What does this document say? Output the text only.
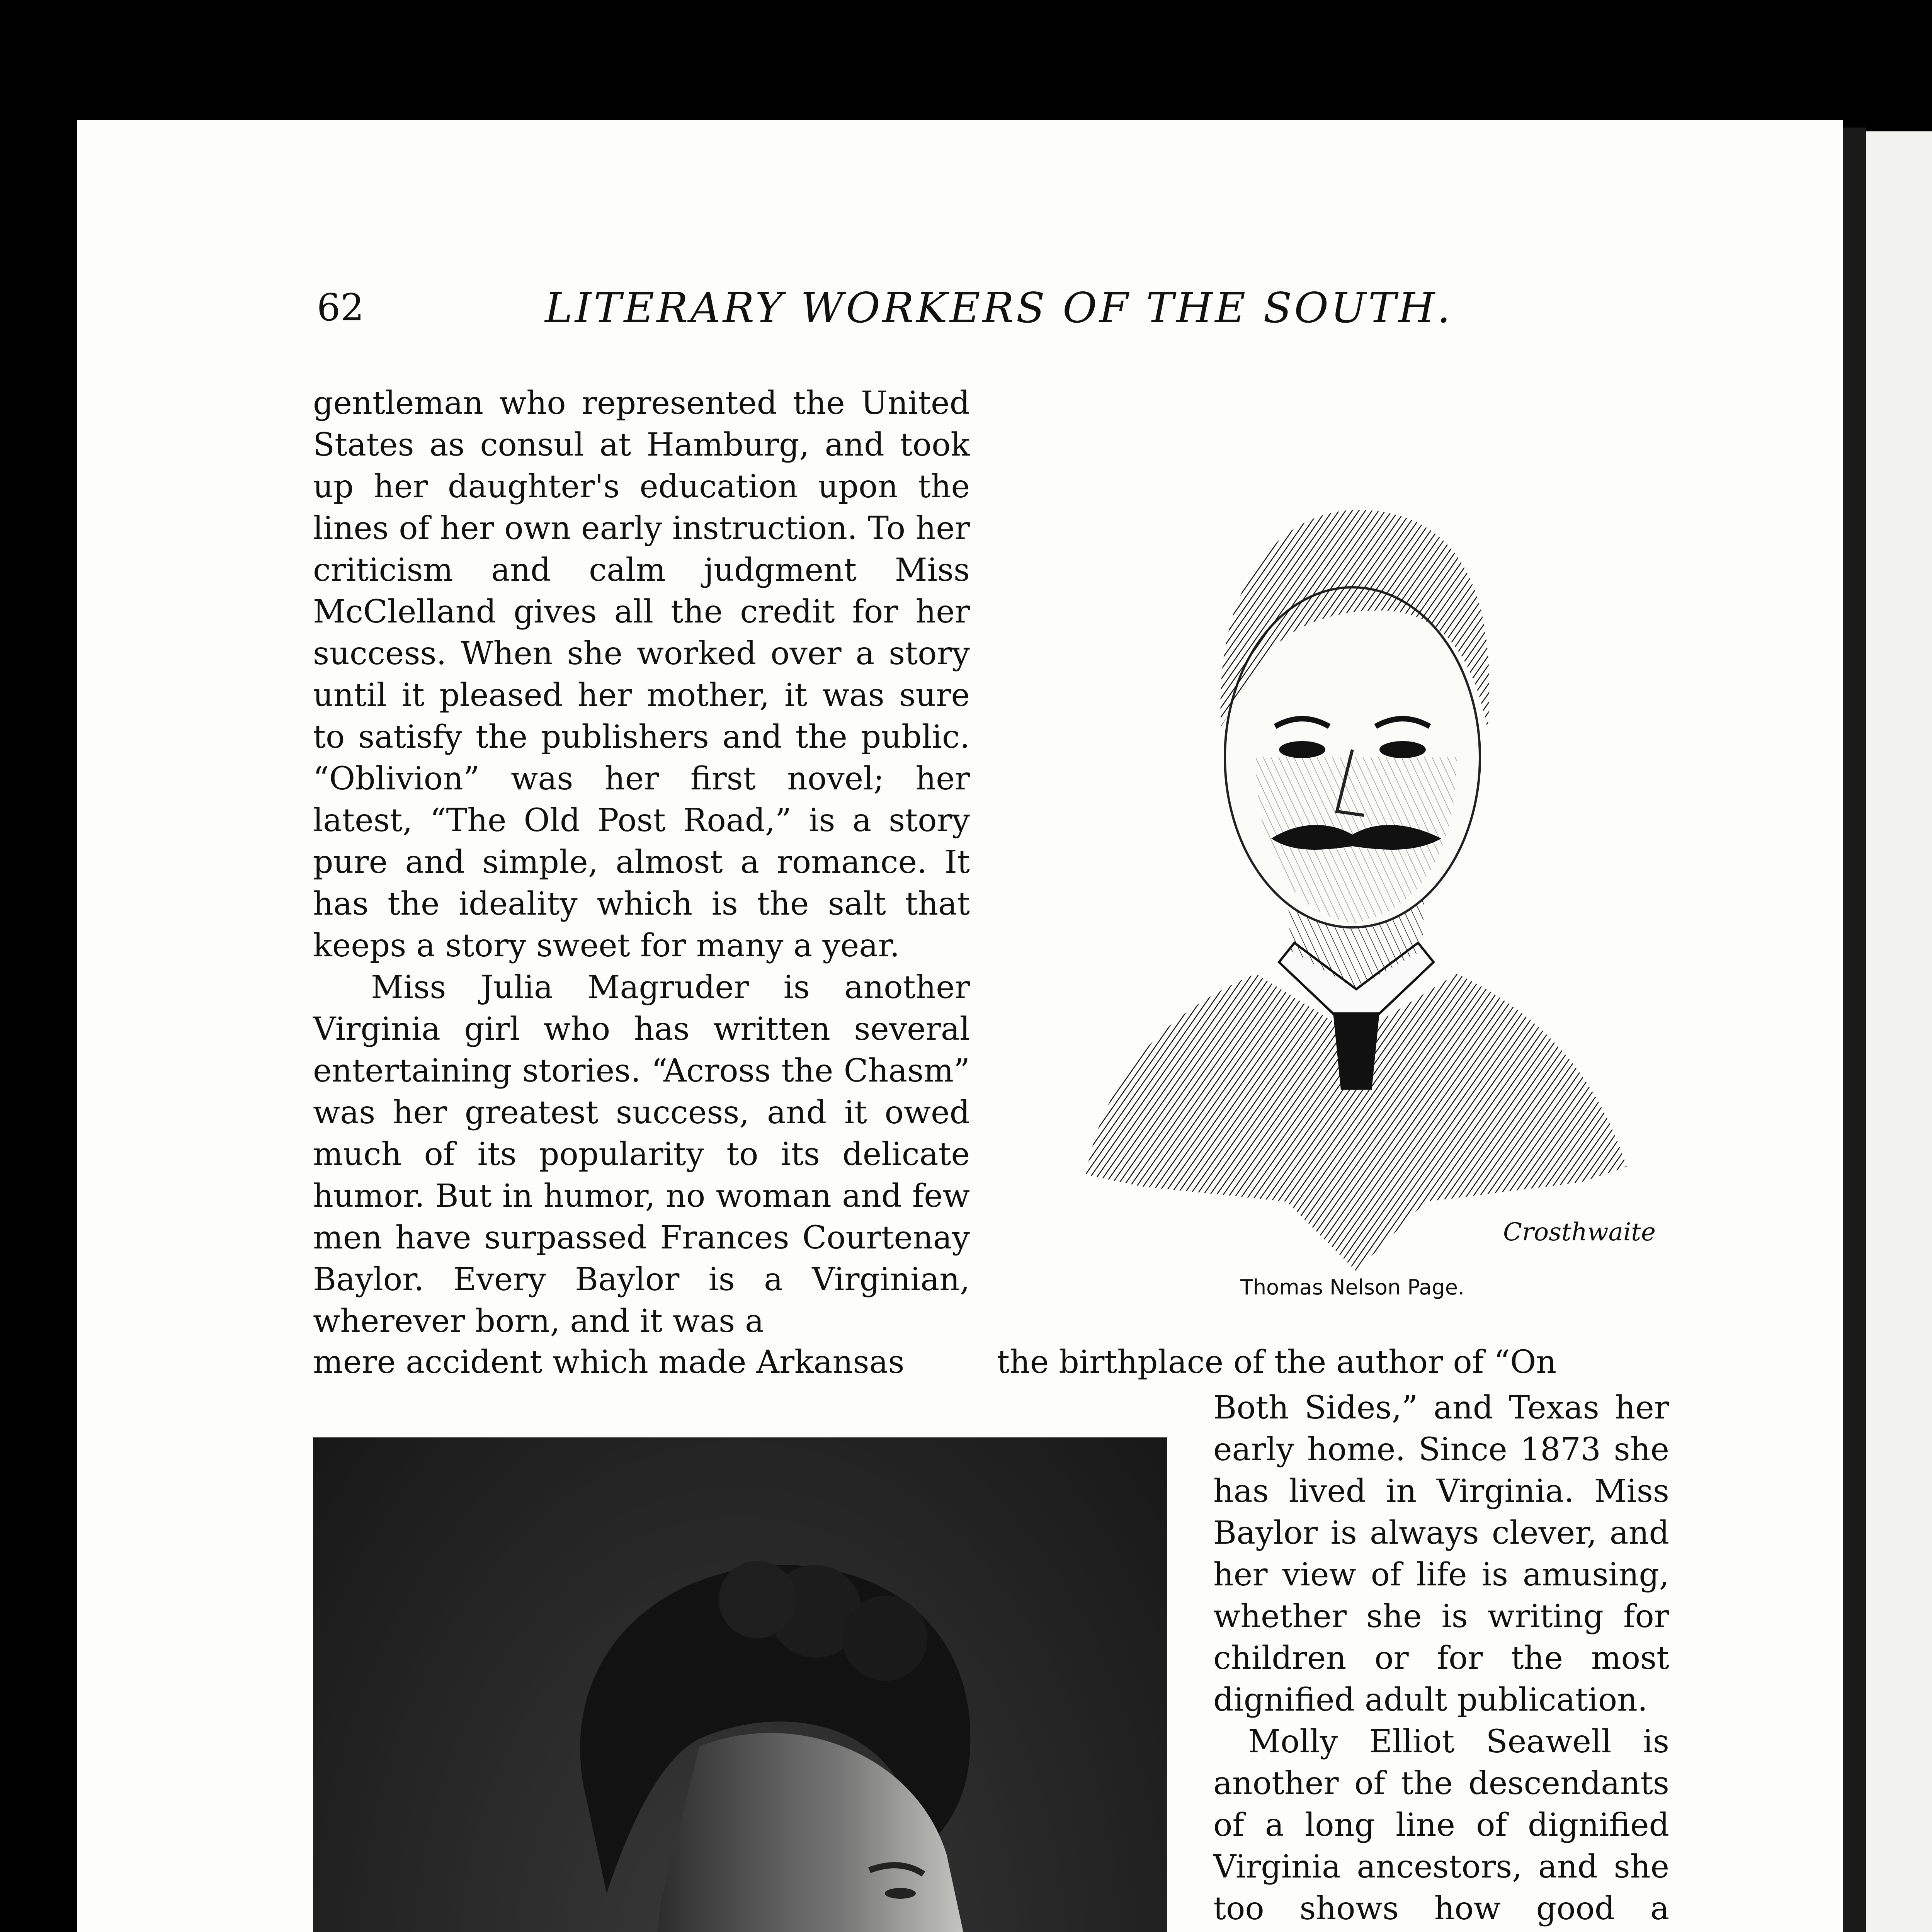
62	LITERARY WORKERS OF THE SOUTH.

gentleman who represented the United States as consul at Hamburg, and took up her daughter's education upon the lines of her own early instruction. To her criticism and calm judgment Miss McClelland gives all the credit for her success. When she worked over a story until it pleased her mother, it was sure to satisfy the publishers and the public. “Oblivion” was her first novel; her latest, “The Old Post Road,” is a story pure and simple, almost a romance. It has the ideality which is the salt that keeps a story sweet for many a year.

Miss Julia Magruder is another Virginia girl who has written several entertaining stories. “Across the Chasm” was her greatest success, and it owed much of its popularity to its delicate humor. But in humor, no woman and few men have surpassed Frances Courtenay Baylor. Every Baylor is a Virginian, wherever born, and it was a

mere accident which made Arkansas	the birthplace of the author of “On
Crosthwaite
Thomas Nelson Page.

Both Sides,” and Texas her early home. Since 1873 she has lived in Virginia. Miss Baylor is always clever, and her view of life is amusing, whether she is writing for children or for the most dignified adult publication.

Molly Elliot Seawell is another of the descendants of a long line of dignified Virginia ancestors, and she too shows how good a
